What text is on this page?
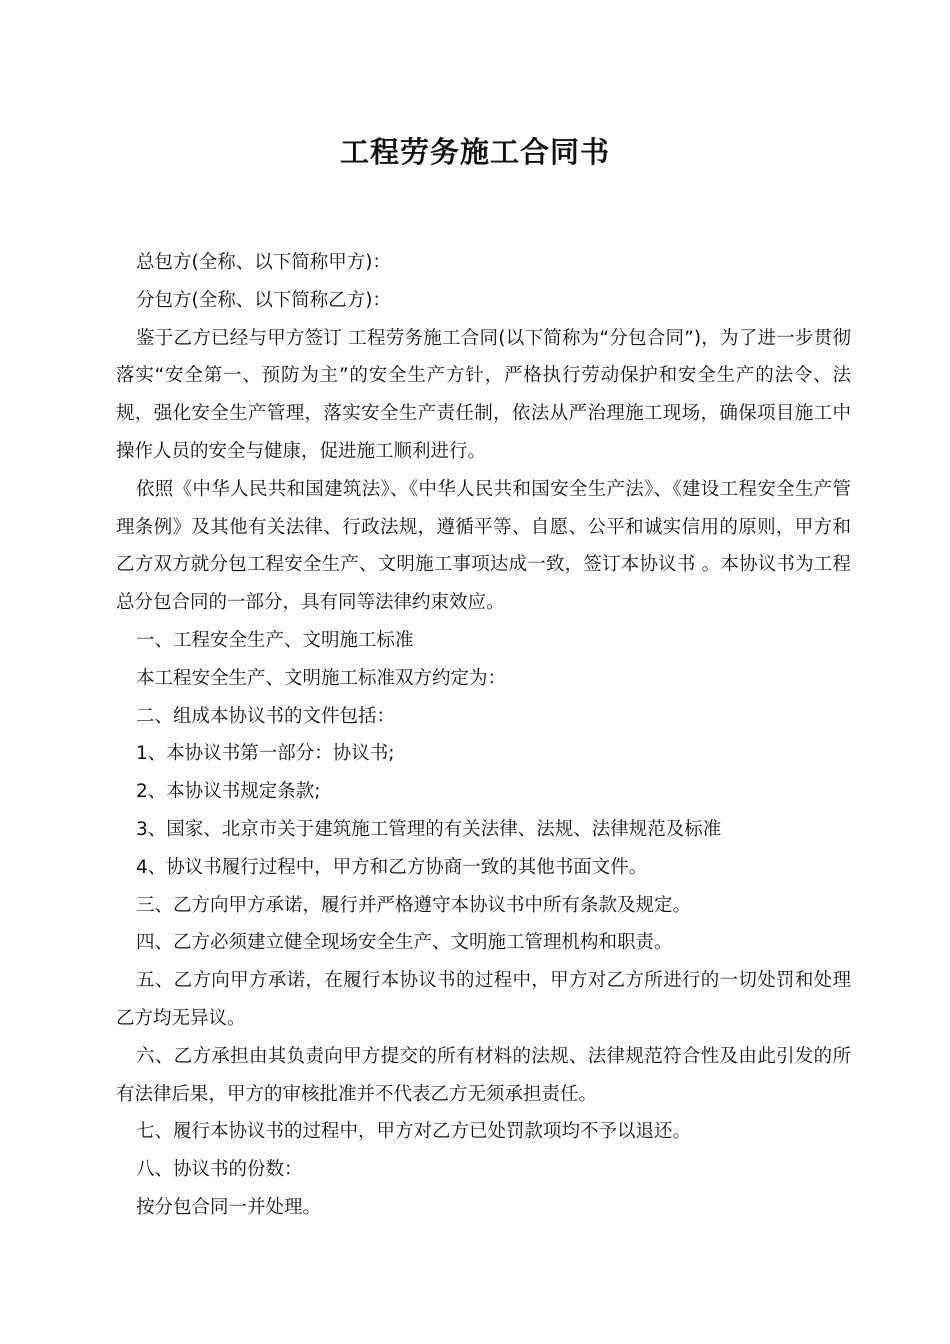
工程劳务施工合同书

总包方(全称、以下简称甲方)：

分包方(全称、以下简称乙方)：

鉴于乙方已经与甲方签订 工程劳务施工合同(以下简称为“分包合同”)，为了进一步贯彻落实“安全第一、预防为主”的安全生产方针，严格执行劳动保护和安全生产的法令、法规，强化安全生产管理，落实安全生产责任制，依法从严治理施工现场，确保项目施工中操作人员的安全与健康，促进施工顺利进行。

依照《中华人民共和国建筑法》、《中华人民共和国安全生产法》、《建设工程安全生产管理条例》及其他有关法律、行政法规，遵循平等、自愿、公平和诚实信用的原则，甲方和乙方双方就分包工程安全生产、文明施工事项达成一致，签订本协议书 。本协议书为工程总分包合同的一部分，具有同等法律约束效应。

一、工程安全生产、文明施工标准

本工程安全生产、文明施工标准双方约定为：

二、组成本协议书的文件包括：

1、本协议书第一部分：协议书;

2、本协议书规定条款;

3、国家、北京市关于建筑施工管理的有关法律、法规、法律规范及标准

4、协议书履行过程中，甲方和乙方协商一致的其他书面文件。

三、乙方向甲方承诺，履行并严格遵守本协议书中所有条款及规定。

四、乙方必须建立健全现场安全生产、文明施工管理机构和职责。

五、乙方向甲方承诺，在履行本协议书的过程中，甲方对乙方所进行的一切处罚和处理乙方均无异议。

六、乙方承担由其负责向甲方提交的所有材料的法规、法律规范符合性及由此引发的所有法律后果，甲方的审核批准并不代表乙方无须承担责任。

七、履行本协议书的过程中，甲方对乙方已处罚款项均不予以退还。

八、协议书的份数：

按分包合同一并处理。
